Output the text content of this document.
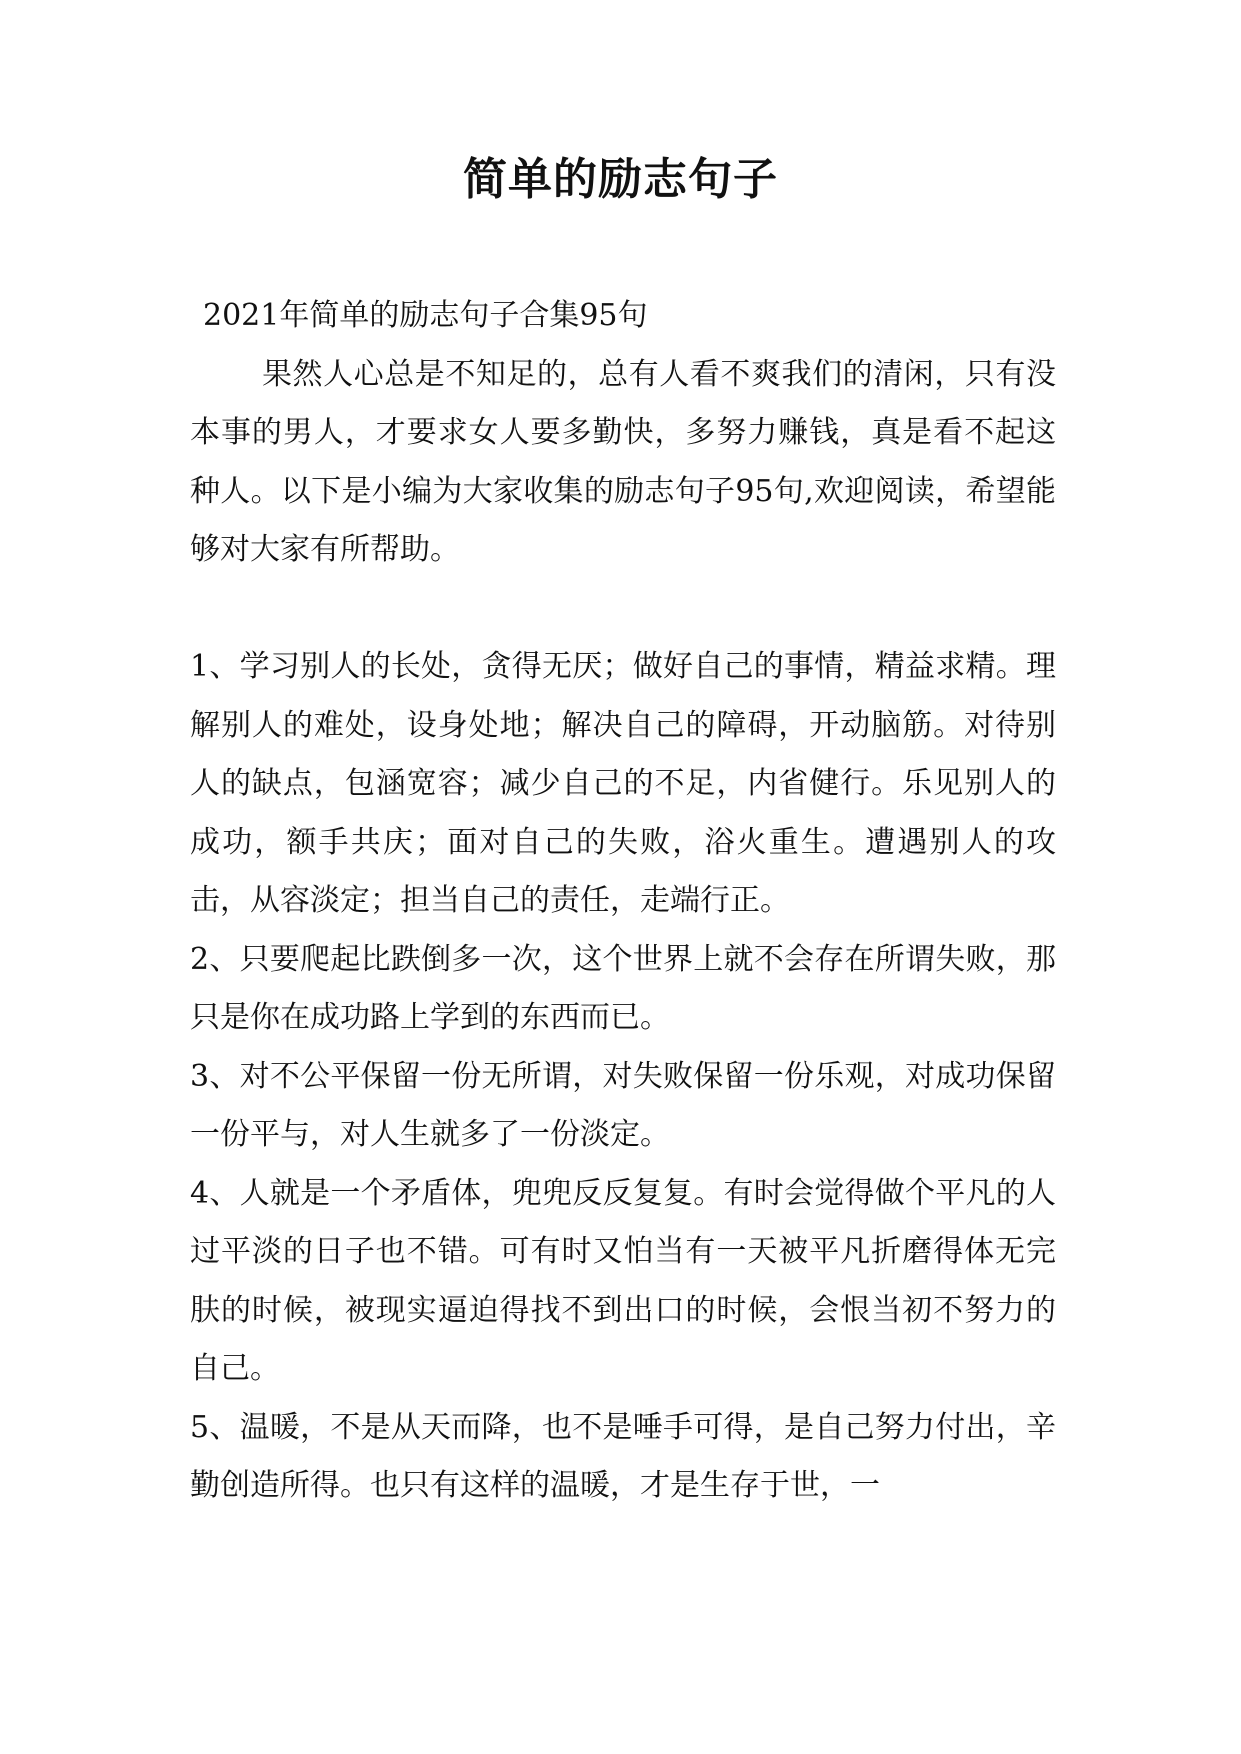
简单的励志句子

2021年简单的励志句子合集95句

果然人心总是不知足的，总有人看不爽我们的清闲，只有没本事的男人，才要求女人要多勤快，多努力赚钱，真是看不起这种人。以下是小编为大家收集的励志句子95句,欢迎阅读，希望能够对大家有所帮助。

1、学习别人的长处，贪得无厌；做好自己的事情，精益求精。理解别人的难处，设身处地；解决自己的障碍，开动脑筋。对待别人的缺点，包涵宽容；减少自己的不足，内省健行。乐见别人的成功，额手共庆；面对自己的失败，浴火重生。遭遇别人的攻击，从容淡定；担当自己的责任，走端行正。

2、只要爬起比跌倒多一次，这个世界上就不会存在所谓失败，那只是你在成功路上学到的东西而已。

3、对不公平保留一份无所谓，对失败保留一份乐观，对成功保留一份平与，对人生就多了一份淡定。

4、人就是一个矛盾体，兜兜反反复复。有时会觉得做个平凡的人过平淡的日子也不错。可有时又怕当有一天被平凡折磨得体无完肤的时候，被现实逼迫得找不到出口的时候，会恨当初不努力的自己。

5、温暖，不是从天而降，也不是唾手可得，是自己努力付出，辛勤创造所得。也只有这样的温暖，才是生存于世，一
